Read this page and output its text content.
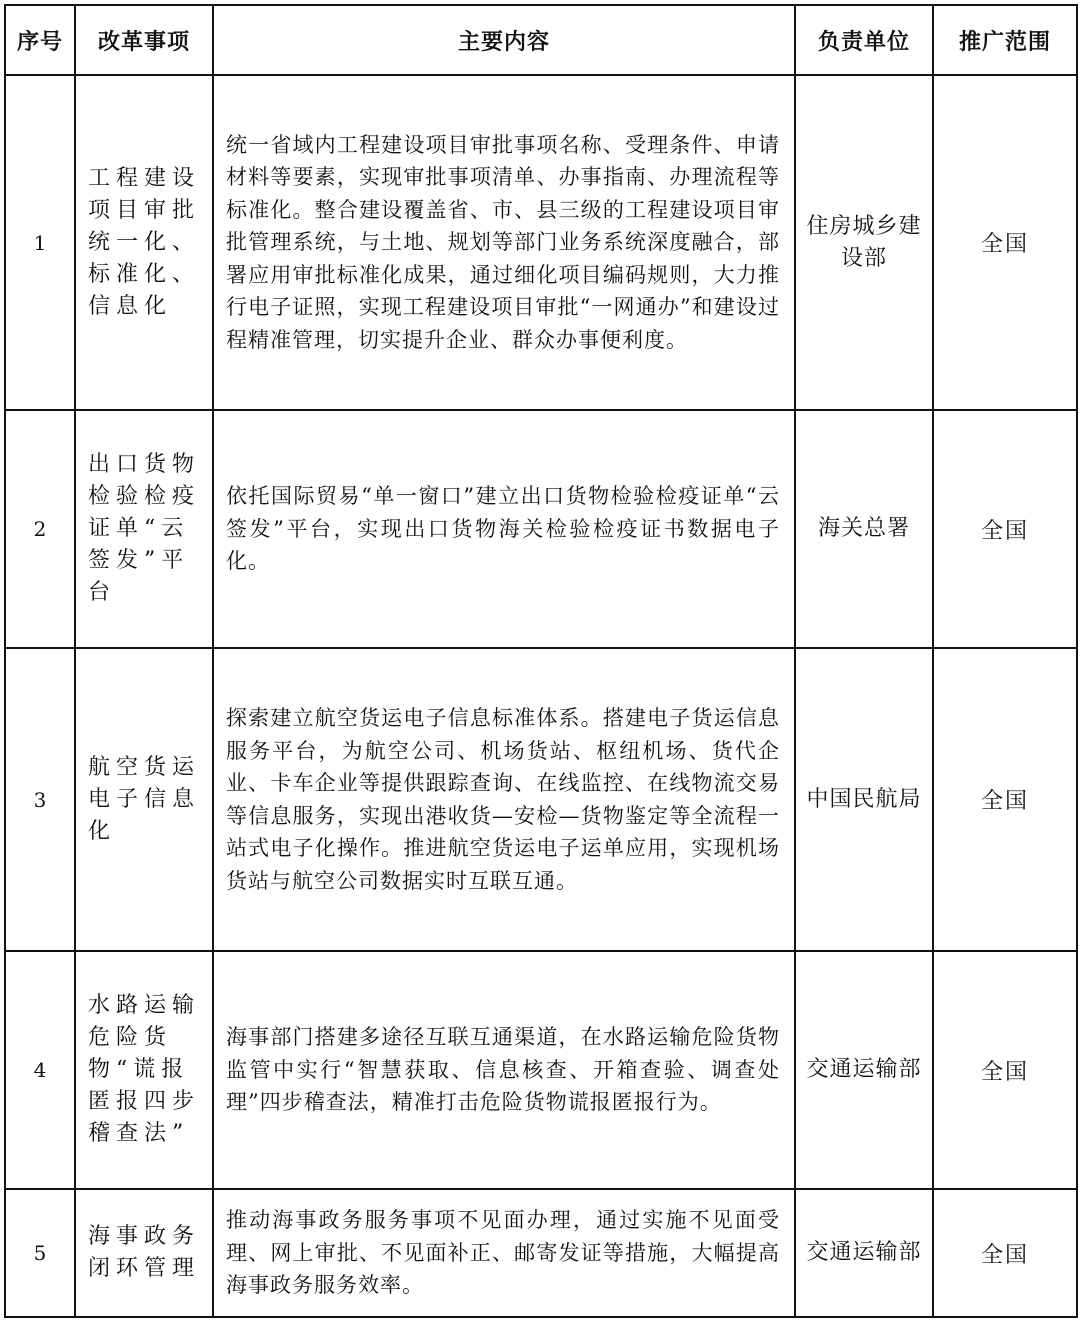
序号	改革事项	主要内容	负责单位	推广范围
1	工程建设项目审批统一化、标准化、信息化	统一省域内工程建设项目审批事项名称、受理条件、申请材料等要素，实现审批事项清单、办事指南、办理流程等标准化。整合建设覆盖省、市、县三级的工程建设项目审批管理系统，与土地、规划等部门业务系统深度融合，部署应用审批标准化成果，通过细化项目编码规则，大力推行电子证照，实现工程建设项目审批“一网通办”和建设过程精准管理，切实提升企业、群众办事便利度。	住房城乡建设部	全国
2	出口货物检验检疫证单“云签发”平台	依托国际贸易“单一窗口”建立出口货物检验检疫证单“云签发”平台，实现出口货物海关检验检疫证书数据电子化。	海关总署	全国
3	航空货运电子信息化	探索建立航空货运电子信息标准体系。搭建电子货运信息服务平台，为航空公司、机场货站、枢纽机场、货代企业、卡车企业等提供跟踪查询、在线监控、在线物流交易等信息服务，实现出港收货—安检—货物鉴定等全流程一站式电子化操作。推进航空货运电子运单应用，实现机场货站与航空公司数据实时互联互通。	中国民航局	全国
4	水路运输危险货物“谎报匿报四步稽查法”	海事部门搭建多途径互联互通渠道，在水路运输危险货物监管中实行“智慧获取、信息核查、开箱查验、调查处理”四步稽查法，精准打击危险货物谎报匿报行为。	交通运输部	全国
5	海事政务闭环管理	推动海事政务服务事项不见面办理，通过实施不见面受理、网上审批、不见面补正、邮寄发证等措施，大幅提高海事政务服务效率。	交通运输部	全国
